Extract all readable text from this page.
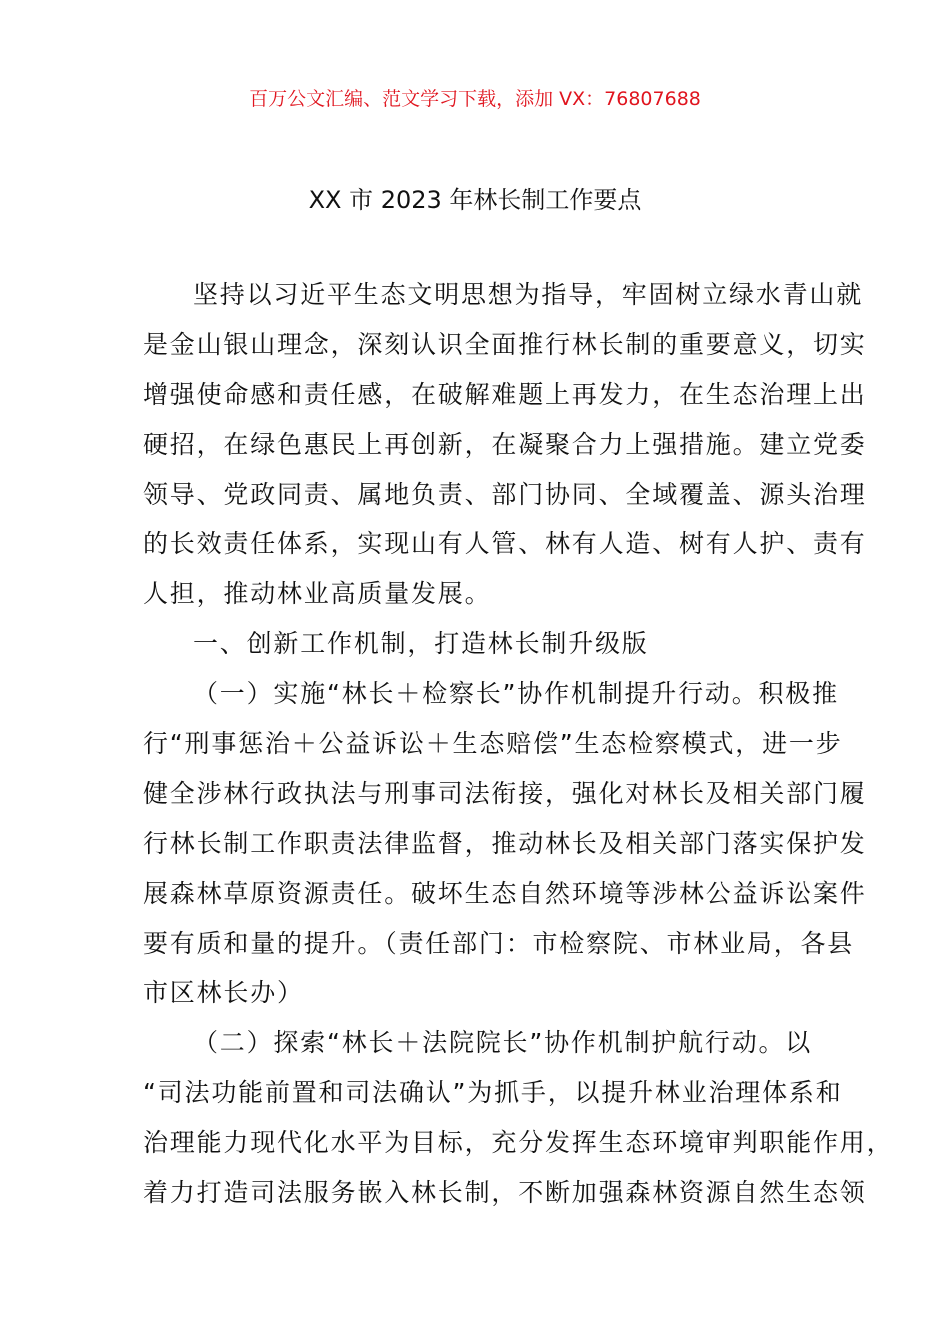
百万公文汇编、范文学习下载，添加 VX：76807688
XX 市 2023 年林长制工作要点
坚持以习近平生态文明思想为指导，牢固树立绿水青山就
是金山银山理念，深刻认识全面推行林长制的重要意义，切实
增强使命感和责任感，在破解难题上再发力，在生态治理上出
硬招，在绿色惠民上再创新，在凝聚合力上强措施。建立党委
领导、党政同责、属地负责、部门协同、全域覆盖、源头治理
的长效责任体系，实现山有人管、林有人造、树有人护、责有
人担，推动林业高质量发展。
一、创新工作机制，打造林长制升级版
（一）实施“林长＋检察长”协作机制提升行动。积极推
行“刑事惩治＋公益诉讼＋生态赔偿”生态检察模式，进一步
健全涉林行政执法与刑事司法衔接，强化对林长及相关部门履
行林长制工作职责法律监督，推动林长及相关部门落实保护发
展森林草原资源责任。破坏生态自然环境等涉林公益诉讼案件
要有质和量的提升。（责任部门：市检察院、市林业局，各县
市区林长办）
（二）探索“林长＋法院院长”协作机制护航行动。以
“司法功能前置和司法确认”为抓手，以提升林业治理体系和
治理能力现代化水平为目标，充分发挥生态环境审判职能作用，
着力打造司法服务嵌入林长制，不断加强森林资源自然生态领
